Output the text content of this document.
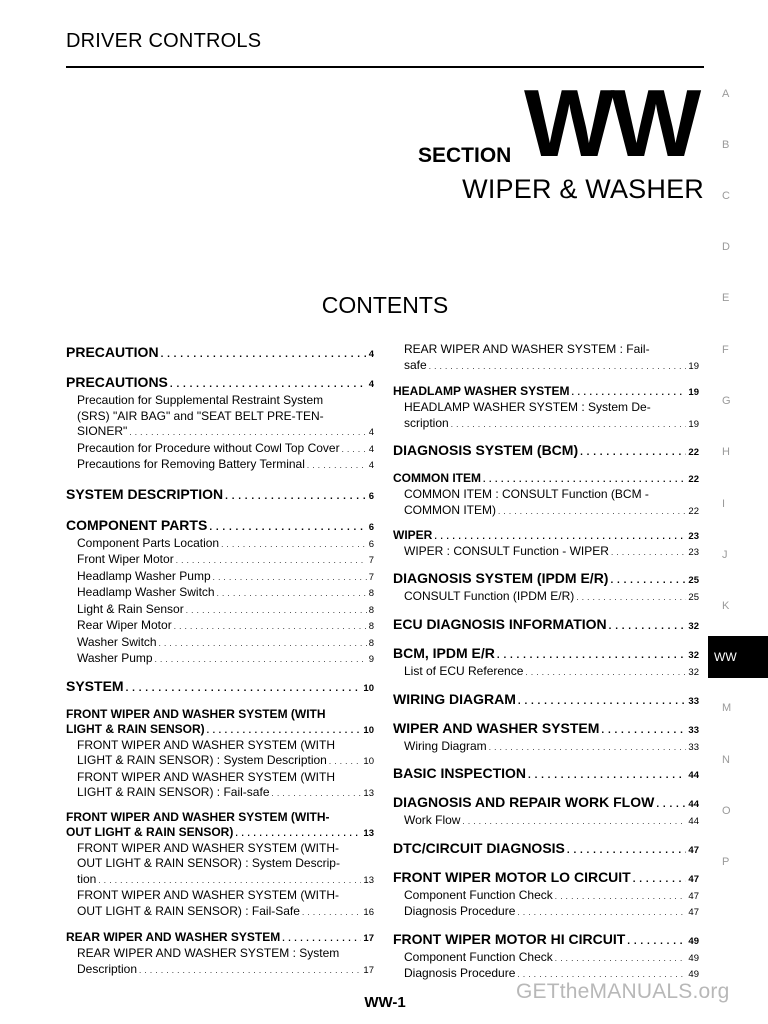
DRIVER CONTROLS
SECTION WW
WIPER & WASHER
CONTENTS
A
B
C
D
E
F
G
H
I
J
K
WW
M
N
O
P
PRECAUTION . . .	4
PRECAUTIONS . . .	4
Precaution for Supplemental Restraint System
(SRS) "AIR BAG" and "SEAT BELT PRE-TEN-
SIONER" . . .	4
Precaution for Procedure without Cowl Top Cover . . .	4
Precautions for Removing Battery Terminal . . .	4
SYSTEM DESCRIPTION . . .	6
COMPONENT PARTS . . .	6
Component Parts Location . . .	6
Front Wiper Motor . . .	7
Headlamp Washer Pump . . .	7
Headlamp Washer Switch . . .	8
Light & Rain Sensor . . .	8
Rear Wiper Motor . . .	8
Washer Switch . . .	8
Washer Pump . . .	9
SYSTEM . . .	10
FRONT WIPER AND WASHER SYSTEM (WITH
LIGHT & RAIN SENSOR) . . .	10
FRONT WIPER AND WASHER SYSTEM (WITH
LIGHT & RAIN SENSOR) : System Description . . .	10
FRONT WIPER AND WASHER SYSTEM (WITH
LIGHT & RAIN SENSOR) : Fail-safe . . .	13
FRONT WIPER AND WASHER SYSTEM (WITH-
OUT LIGHT & RAIN SENSOR) . . .	13
FRONT WIPER AND WASHER SYSTEM (WITH-
OUT LIGHT & RAIN SENSOR) : System Descrip-
tion . . .	13
FRONT WIPER AND WASHER SYSTEM (WITH-
OUT LIGHT & RAIN SENSOR) : Fail-Safe . . .	16
REAR WIPER AND WASHER SYSTEM . . .	17
REAR WIPER AND WASHER SYSTEM : System
Description . . .	17
REAR WIPER AND WASHER SYSTEM : Fail-
safe . . .	19
HEADLAMP WASHER SYSTEM . . .	19
HEADLAMP WASHER SYSTEM : System De-
scription . . .	19
DIAGNOSIS SYSTEM (BCM) . . .	22
COMMON ITEM . . .	22
COMMON ITEM : CONSULT Function (BCM -
COMMON ITEM) . . .	22
WIPER . . .	23
WIPER : CONSULT Function - WIPER . . .	23
DIAGNOSIS SYSTEM (IPDM E/R) . . .	25
CONSULT Function (IPDM E/R) . . .	25
ECU DIAGNOSIS INFORMATION . . .	32
BCM, IPDM E/R . . .	32
List of ECU Reference . . .	32
WIRING DIAGRAM . . .	33
WIPER AND WASHER SYSTEM . . .	33
Wiring Diagram . . .	33
BASIC INSPECTION . . .	44
DIAGNOSIS AND REPAIR WORK FLOW . . .	44
Work Flow . . .	44
DTC/CIRCUIT DIAGNOSIS . . .	47
FRONT WIPER MOTOR LO CIRCUIT . . .	47
Component Function Check . . .	47
Diagnosis Procedure . . .	47
FRONT WIPER MOTOR HI CIRCUIT . . .	49
Component Function Check . . .	49
Diagnosis Procedure . . .	49
WW-1	GETtheMANUALS.org
